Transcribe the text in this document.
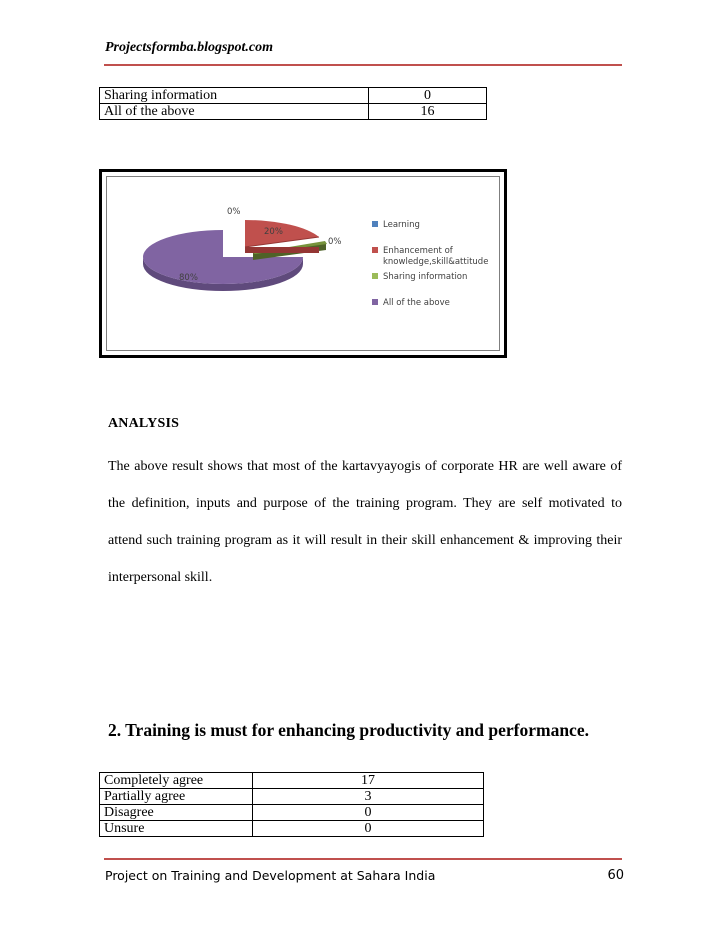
Projectsformba.blogspot.com
Sharing information	0
All of the above	16
0%
20%
0%
80%
Learning
Enhancement of
knowledge,skill&attitude
Sharing information
All of the above
ANALYSIS

The above result shows that most of the kartavyayogis of corporate HR are well aware of

the definition, inputs and purpose of the training program. They are self motivated to

attend such training program as it will result in their skill enhancement & improving their

interpersonal skill.

2. Training is must for enhancing productivity and performance.
Completely agree	17
Partially agree	3
Disagree	0
Unsure	0
Project on Training and Development at Sahara India	60
